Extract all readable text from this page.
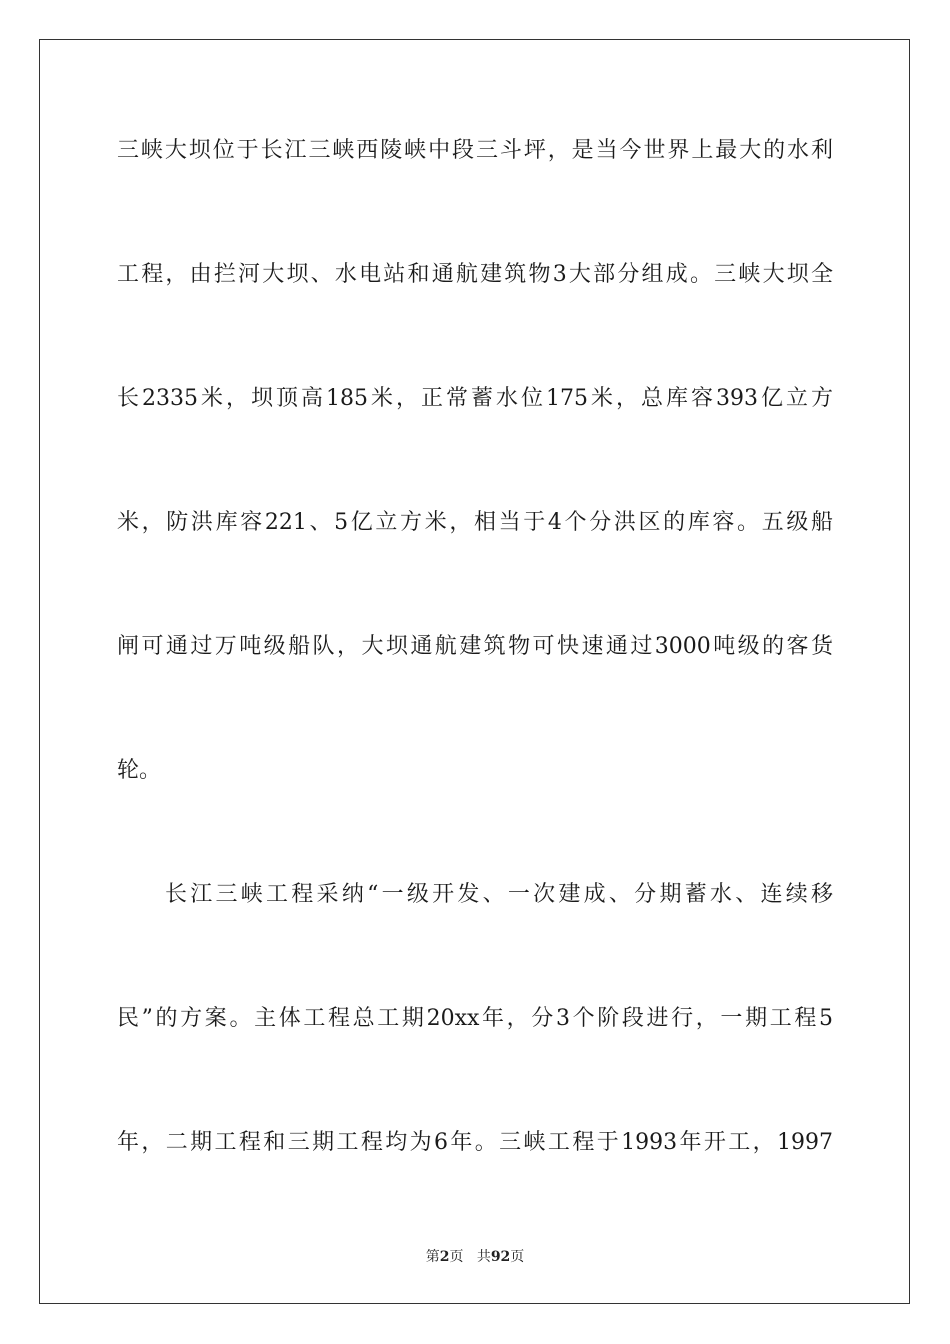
三峡大坝位于长江三峡西陵峡中段三斗坪，是当今世界上最大的水利
工程，由拦河大坝、水电站和通航建筑物3大部分组成。三峡大坝全
长2335米，坝顶高185米，正常蓄水位175米，总库容393亿立方
米，防洪库容221、5亿立方米，相当于4个分洪区的库容。五级船
闸可通过万吨级船队，大坝通航建筑物可快速通过3000吨级的客货
轮。
长江三峡工程采纳“一级开发、一次建成、分期蓄水、连续移
民”的方案。主体工程总工期20xx年，分3个阶段进行，一期工程5
年，二期工程和三期工程均为6年。三峡工程于1993年开工，1997
第2页 共92页
